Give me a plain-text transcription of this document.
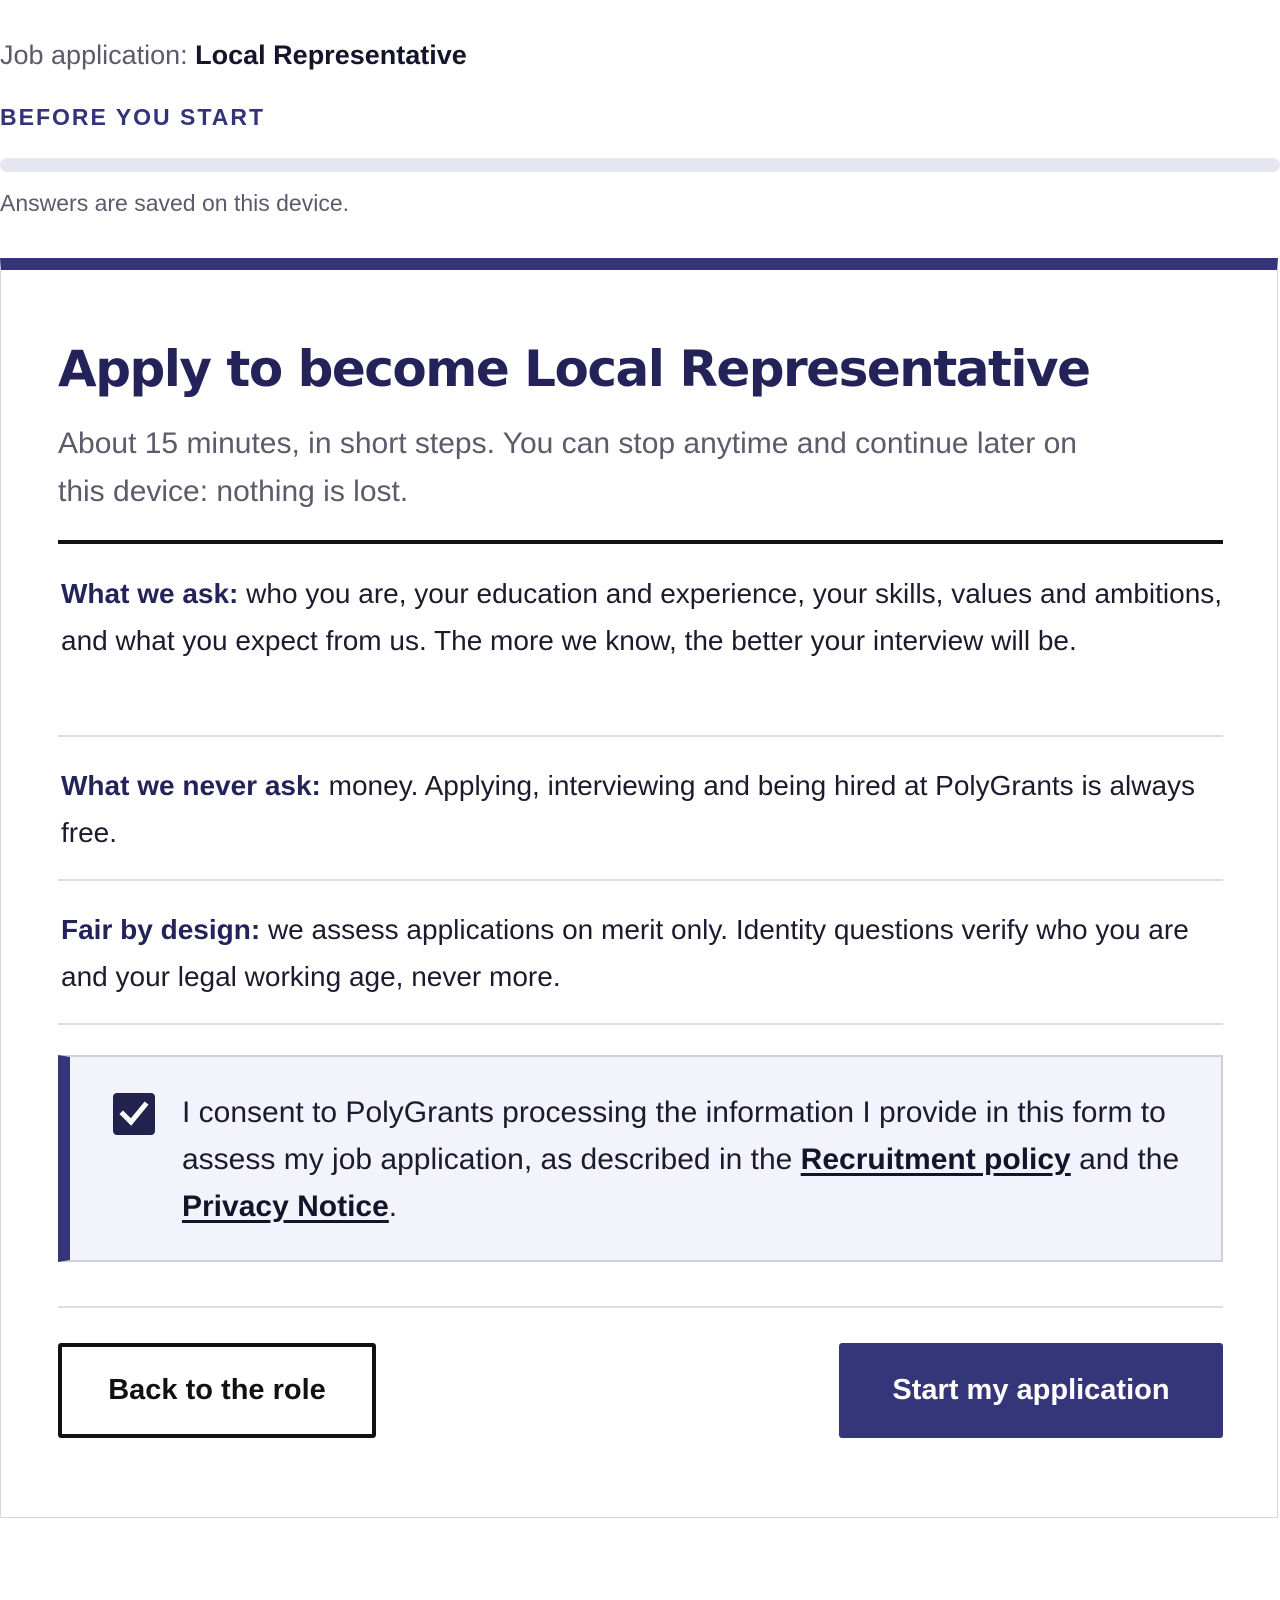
Job application: Local Representative
BEFORE YOU START
Answers are saved on this device.
Apply to become Local Representative

About 15 minutes, in short steps. You can stop anytime and continue later on this device: nothing is lost.

What we ask: who you are, your education and experience, your skills, values and ambitions, and what you expect from us. The more we know, the better your interview will be.

What we never ask: money. Applying, interviewing and being hired at PolyGrants is always free.

Fair by design: we assess applications on merit only. Identity questions verify who you are and your legal working age, never more.

I consent to PolyGrants processing the information I provide in this form to assess my job application, as described in the Recruitment policy and the Privacy Notice.

Back to the role	Start my application
